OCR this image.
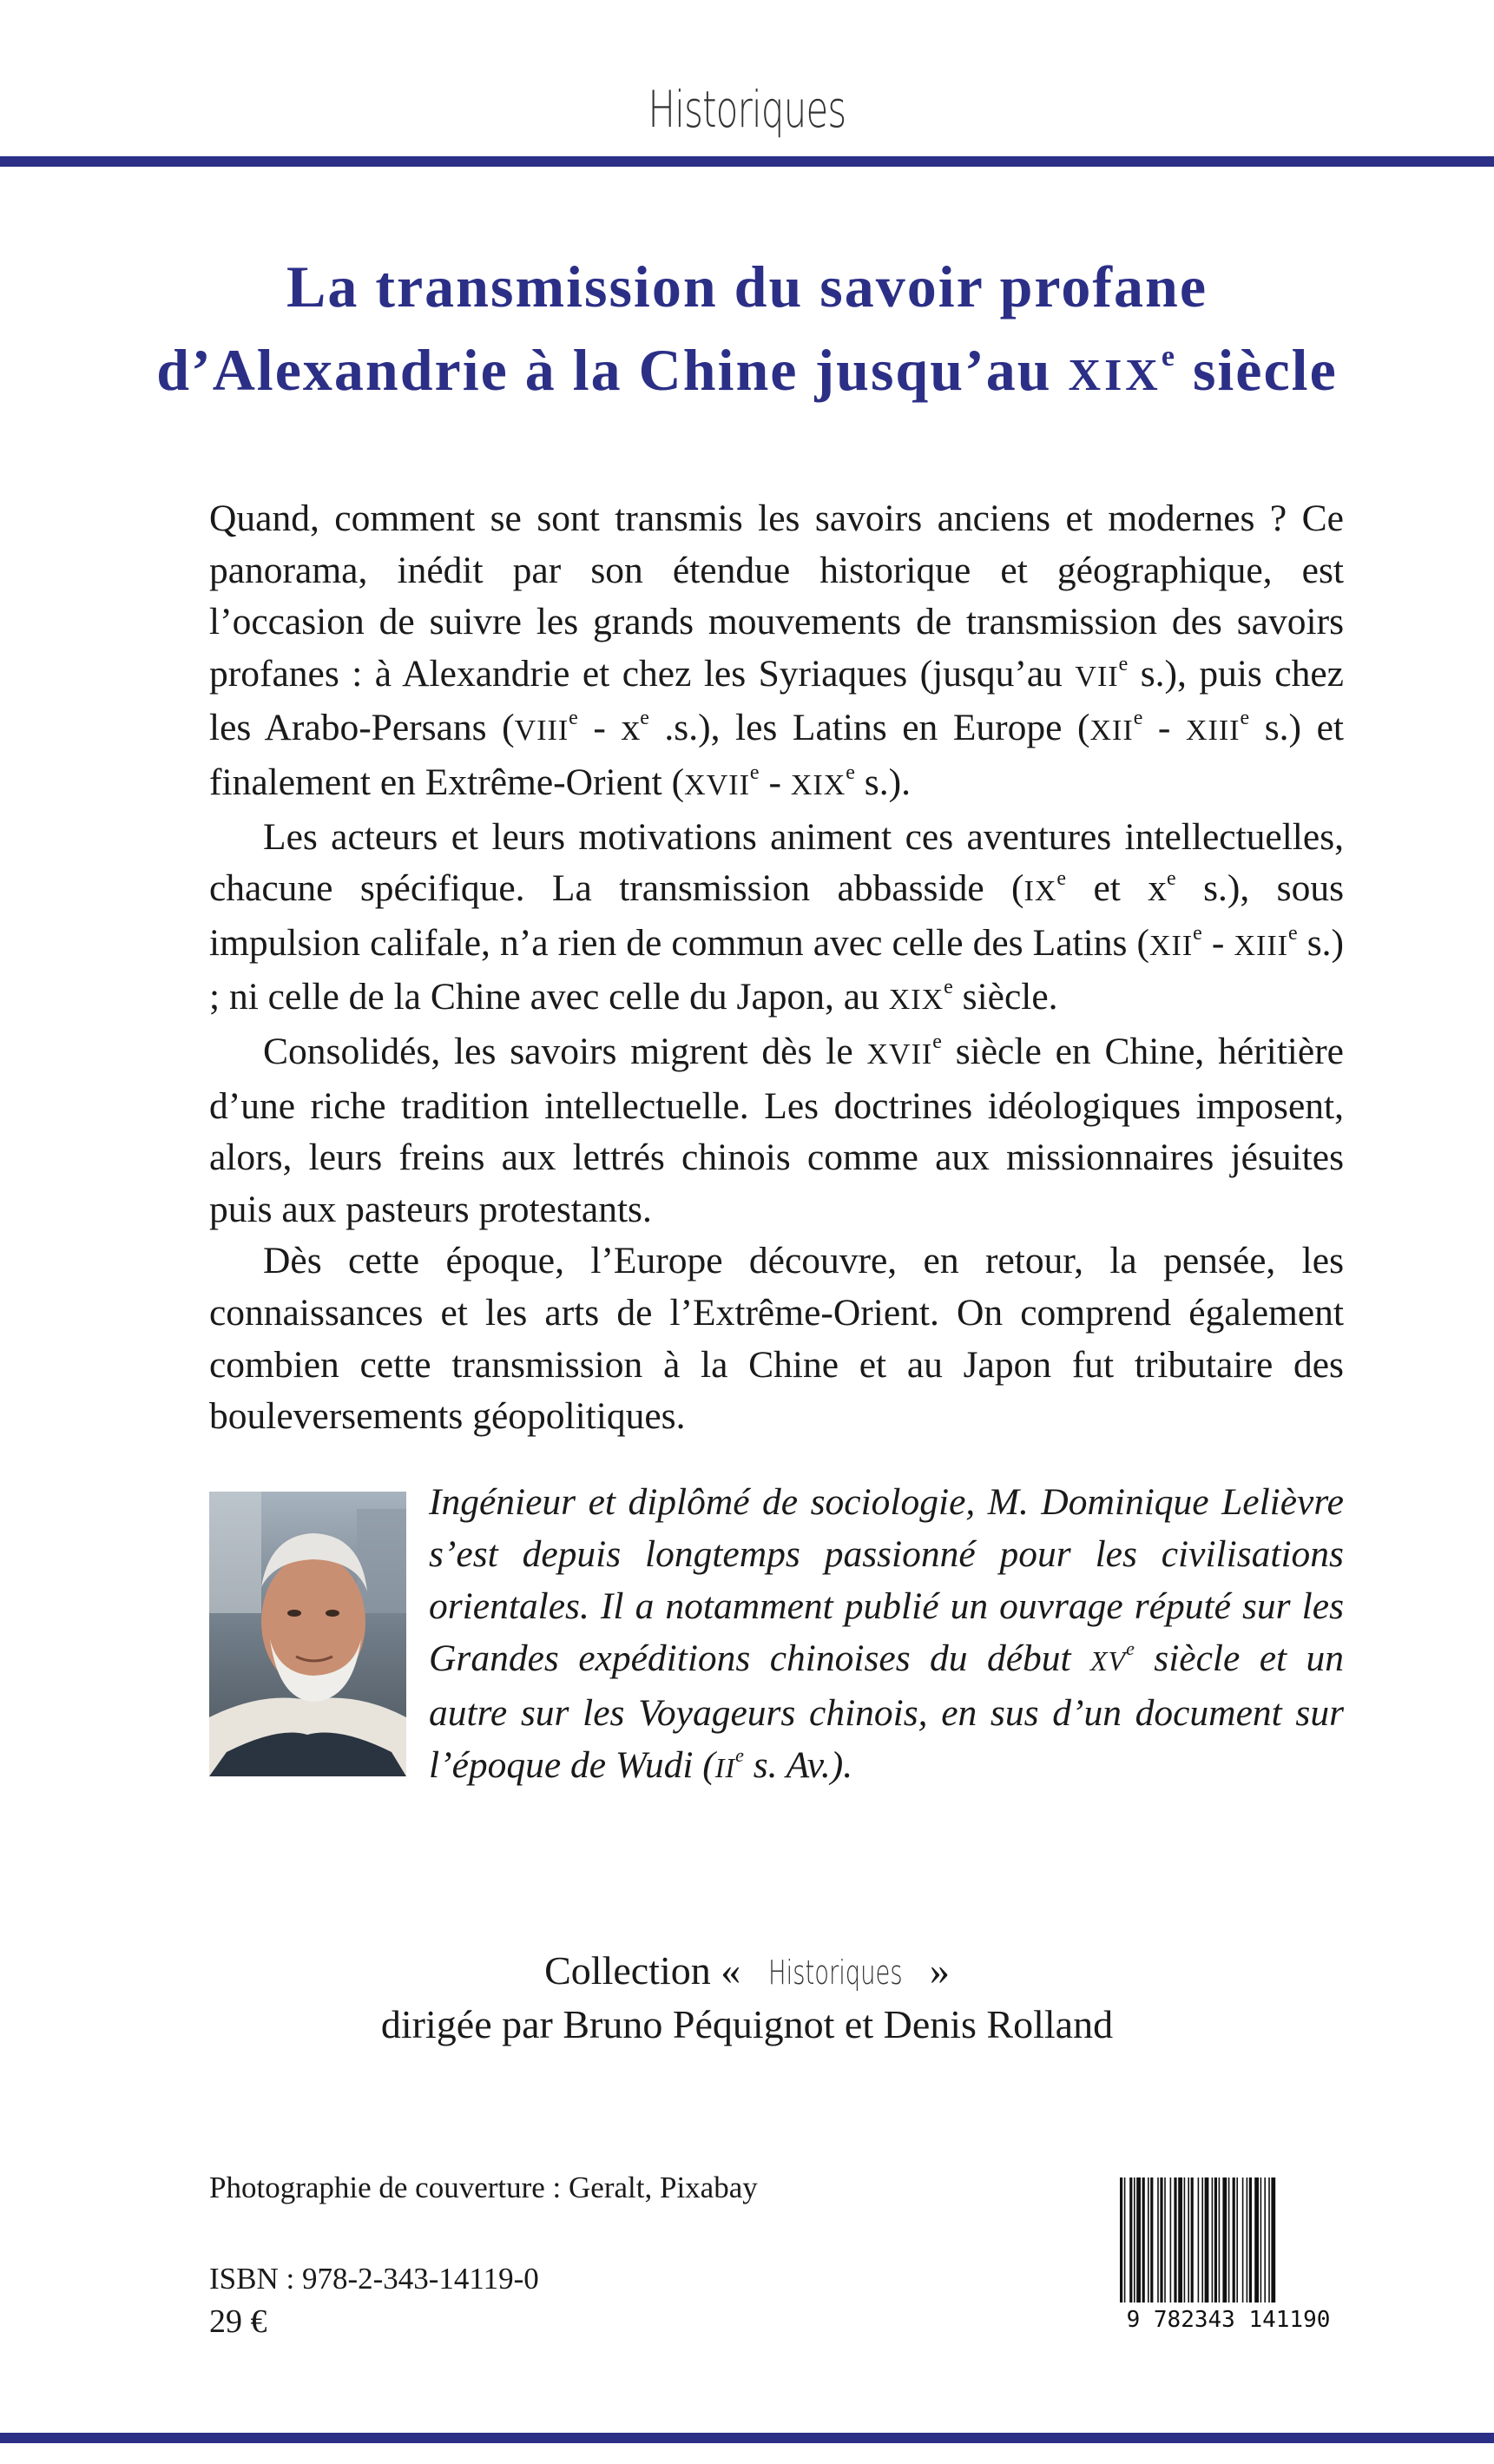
Historiques
La transmission du savoir profane
d’Alexandrie à la Chine jusqu’au XIXe siècle

Quand, comment se sont transmis les savoirs anciens et modernes ? Ce panorama, inédit par son étendue historique et géographique, est l’occasion de suivre les grands mouvements de transmission des savoirs profanes : à Alexandrie et chez les Syriaques (jusqu’au VIIe s.), puis chez les Arabo-Persans (VIIIe - $x^e$ .s.), les Latins en Europe (XIIe - XIIIe s.) et finalement en Extrême-Orient (XVIIe - XIXe s.).

Les acteurs et leurs motivations animent ces aventures intellectuelles, chacune spécifique. La transmission abbasside (IXe et $x^e$ s.), sous impulsion califale, n’a rien de commun avec celle des Latins (XIIe - XIIIe s.) ; ni celle de la Chine avec celle du Japon, au XIXe siècle.

Consolidés, les savoirs migrent dès le XVIIe siècle en Chine, héritière d’une riche tradition intellectuelle. Les doctrines idéologiques imposent, alors, leurs freins aux lettrés chinois comme aux missionnaires jésuites puis aux pasteurs protestants.

Dès cette époque, l’Europe découvre, en retour, la pensée, les connaissances et les arts de l’Extrême-Orient. On comprend également combien cette transmission à la Chine et au Japon fut tributaire des bouleversements géopolitiques.

Ingénieur et diplômé de sociologie, M. Dominique Lelièvre s’est depuis longtemps passionné pour les civilisations orientales. Il a notamment publié un ouvrage réputé sur les Grandes expéditions chinoises du début XVe siècle et un autre sur les Voyageurs chinois, en sus d’un document sur l’époque de Wudi (IIe s. Av.).

Collection « Historiques »
dirigée par Bruno Péquignot et Denis Rolland
Photographie de couverture : Geralt, Pixabay
ISBN : 978-2-343-14119-0
29 €	9 782343 141190
